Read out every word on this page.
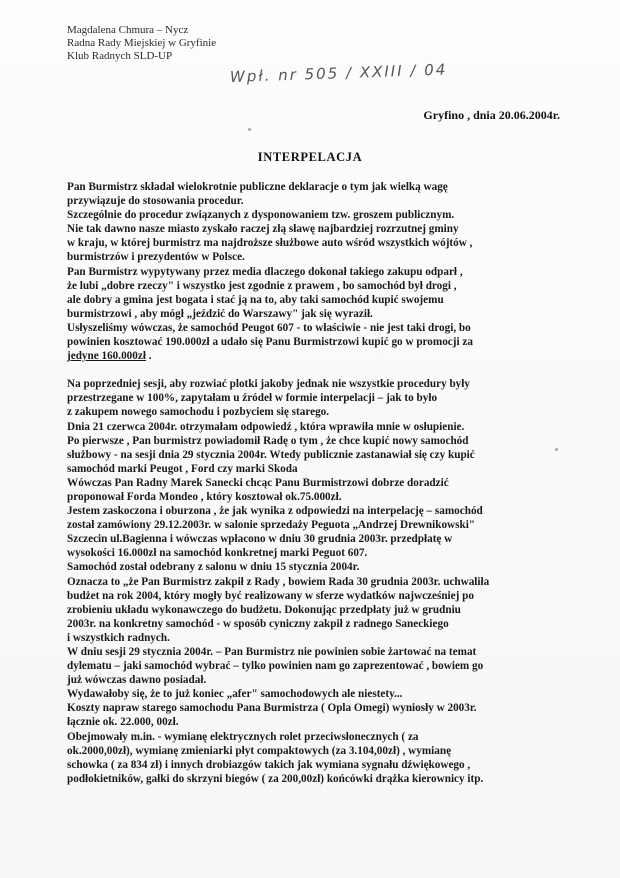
Magdalena Chmura – Nycz
Radna Rady Miejskiej w Gryfinie
Klub Radnych SLD-UP
Wpł. nr 505 / XXIII / 04
Gryfino , dnia 20.06.2004r.
INTERPELACJA

Pan Burmistrz składał wielokrotnie publiczne deklaracje o tym jak wielką wagę

przywiązuje do stosowania procedur.

Szczególnie do procedur związanych z dysponowaniem tzw. groszem publicznym.

Nie tak dawno nasze miasto zyskało raczej złą sławę najbardziej rozrzutnej gminy

w kraju, w której burmistrz ma najdroższe służbowe auto wśród wszystkich wójtów ,

burmistrzów i prezydentów w Polsce.

Pan Burmistrz wypytywany przez media dlaczego dokonał takiego zakupu odparł ,

że lubi „dobre rzeczy" i wszystko jest zgodnie z prawem , bo samochód był drogi ,

ale dobry a gmina jest bogata i stać ją na to, aby taki samochód kupić swojemu

burmistrzowi , aby mógł „jeździć do Warszawy" jak się wyraził.

Usłyszeliśmy wówczas, że samochód Peugot 607 - to właściwie - nie jest taki drogi, bo

powinien kosztować 190.000zł a udało się Panu Burmistrzowi kupić go w promocji za

jedyne 160.000zł .

Na poprzedniej sesji, aby rozwiać plotki jakoby jednak nie wszystkie procedury były

przestrzegane w 100%, zapytałam u źródeł w formie interpelacji – jak to było

z zakupem nowego samochodu i pozbyciem się starego.

Dnia 21 czerwca 2004r. otrzymałam odpowiedź , która wprawiła mnie w osłupienie.

Po pierwsze , Pan burmistrz powiadomił Radę o tym , że chce kupić nowy samochód

służbowy - na sesji dnia 29 stycznia 2004r. Wtedy publicznie zastanawiał się czy kupić

samochód marki Peugot , Ford czy marki Skoda

Wówczas Pan Radny Marek Sanecki chcąc Panu Burmistrzowi dobrze doradzić

proponował Forda Mondeo , który kosztował ok.75.000zł.

Jestem zaskoczona i oburzona , że jak wynika z odpowiedzi na interpelację – samochód

został zamówiony 29.12.2003r. w salonie sprzedaży Peguota „Andrzej Drewnikowski"

Szczecin ul.Bagienna i wówczas wpłacono w dniu 30 grudnia 2003r. przedpłatę w

wysokości 16.000zł na samochód konkretnej marki Peguot 607.

Samochód został odebrany z salonu w dniu 15 stycznia 2004r.

Oznacza to „że Pan Burmistrz zakpił z Rady , bowiem Rada 30 grudnia 2003r. uchwaliła

budżet na rok 2004, który mogły być realizowany w sferze wydatków najwcześniej po

zrobieniu układu wykonawczego do budżetu. Dokonując przedpłaty już w grudniu

2003r. na konkretny samochód - w sposób cyniczny zakpił z radnego Saneckiego

i wszystkich radnych.

W dniu sesji 29 stycznia 2004r. – Pan Burmistrz nie powinien sobie żartować na temat

dylematu – jaki samochód wybrać – tylko powinien nam go zaprezentować , bowiem go

już wówczas dawno posiadał.

Wydawałoby się, że to już koniec „afer" samochodowych ale niestety...

Koszty napraw starego samochodu Pana Burmistrza ( Opla Omegi) wyniosły w 2003r.

łącznie ok. 22.000, 00zł.

Obejmowały m.in. - wymianę elektrycznych rolet przeciwsłonecznych ( za

ok.2000,00zł), wymianę zmieniarki płyt compaktowych (za 3.104,00zł) , wymianę

schowka ( za 834 zł) i innych drobiazgów takich jak wymiana sygnału dźwiękowego ,

podłokietników, gałki do skrzyni biegów ( za 200,00zł) końcówki drążka kierownicy itp.
